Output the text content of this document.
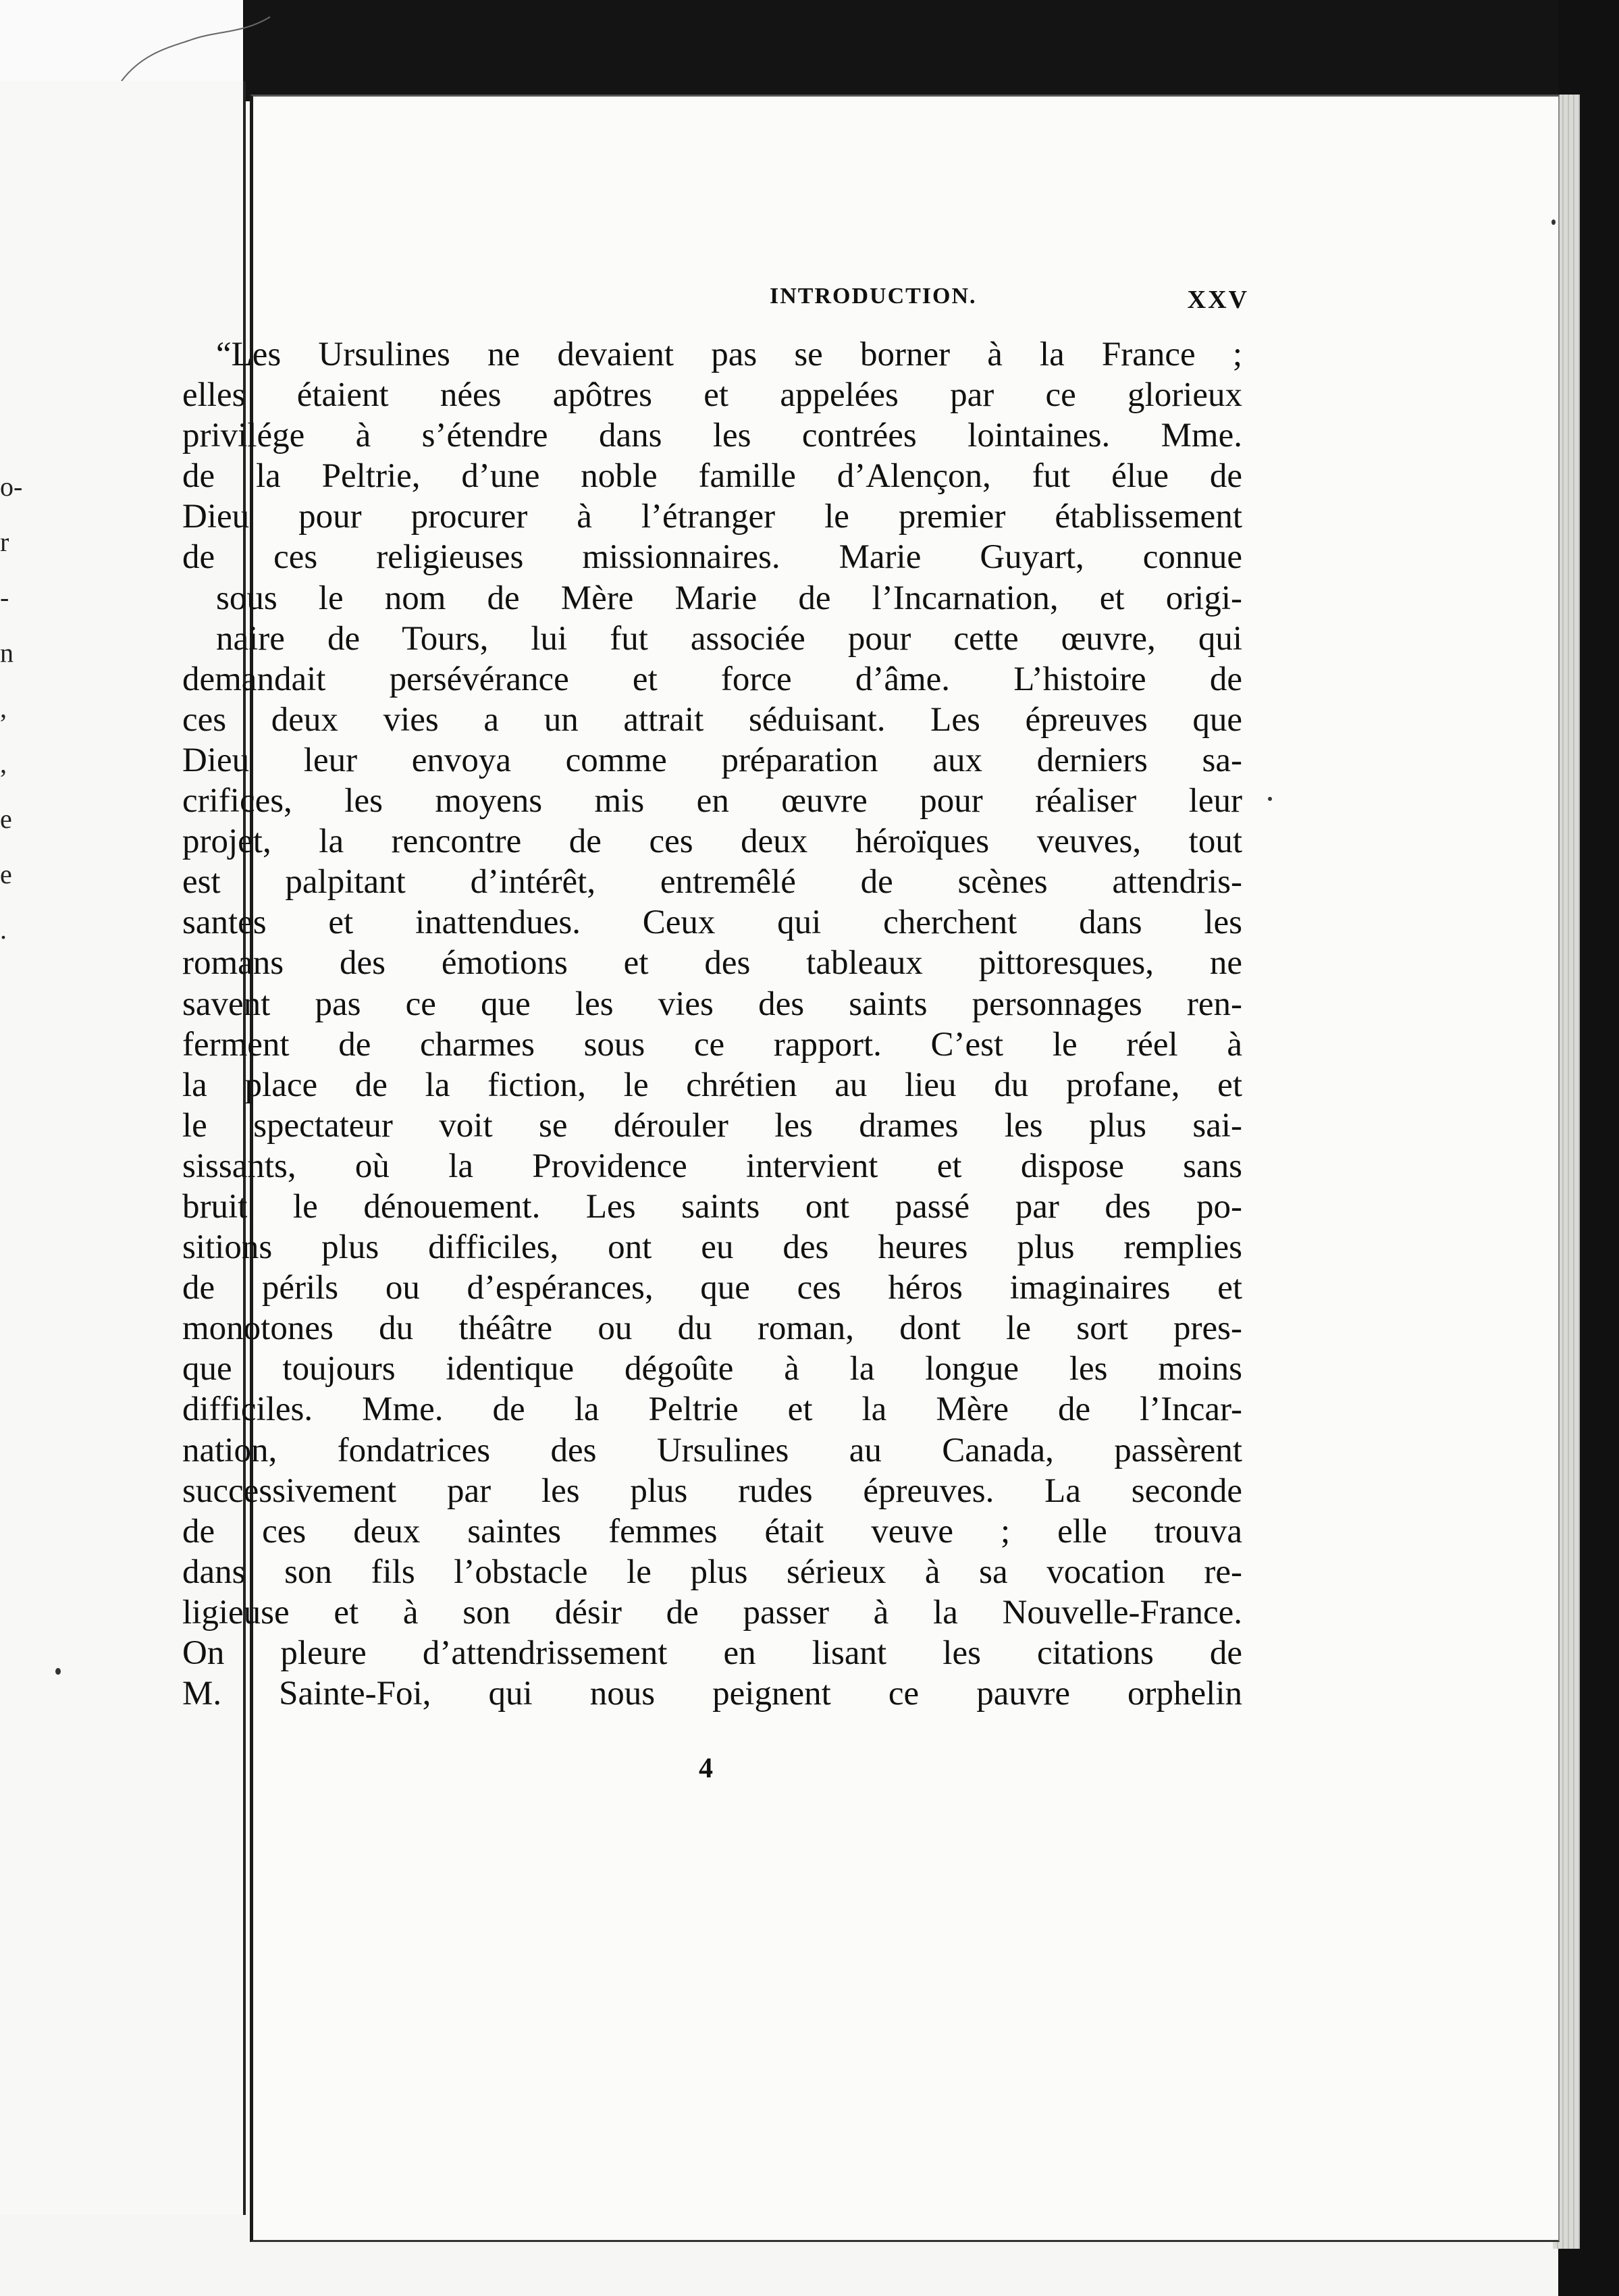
o-
r
-
n
,
,
e
e
.
INTRODUCTION.	XXV
“Les Ursulines ne devaient pas se borner à la France ;
elles étaient nées apôtres et appelées par ce glorieux
privilége à s’étendre dans les contrées lointaines. Mme.
de la Peltrie, d’une noble famille d’Alençon, fut élue de
Dieu pour procurer à l’étranger le premier établissement
de ces religieuses missionnaires. Marie Guyart, connue
sous le nom de Mère Marie de l’Incarnation, et origi-
naire de Tours, lui fut associée pour cette œuvre, qui
demandait persévérance et force d’âme. L’histoire de
ces deux vies a un attrait séduisant. Les épreuves que
Dieu leur envoya comme préparation aux derniers sa-
crifices, les moyens mis en œuvre pour réaliser leur
projet, la rencontre de ces deux héroïques veuves, tout
est palpitant d’intérêt, entremêlé de scènes attendris-
santes et inattendues. Ceux qui cherchent dans les
romans des émotions et des tableaux pittoresques, ne
savent pas ce que les vies des saints personnages ren-
ferment de charmes sous ce rapport. C’est le réel à
la place de la fiction, le chrétien au lieu du profane, et
le spectateur voit se dérouler les drames les plus sai-
sissants, où la Providence intervient et dispose sans
bruit le dénouement. Les saints ont passé par des po-
sitions plus difficiles, ont eu des heures plus remplies
de périls ou d’espérances, que ces héros imaginaires et
monotones du théâtre ou du roman, dont le sort pres-
que toujours identique dégoûte à la longue les moins
difficiles. Mme. de la Peltrie et la Mère de l’Incar-
nation, fondatrices des Ursulines au Canada, passèrent
successivement par les plus rudes épreuves. La seconde
de ces deux saintes femmes était veuve ; elle trouva
dans son fils l’obstacle le plus sérieux à sa vocation re-
ligieuse et à son désir de passer à la Nouvelle-France.
On pleure d’attendrissement en lisant les citations de
M. Sainte-Foi, qui nous peignent ce pauvre orphelin
4
